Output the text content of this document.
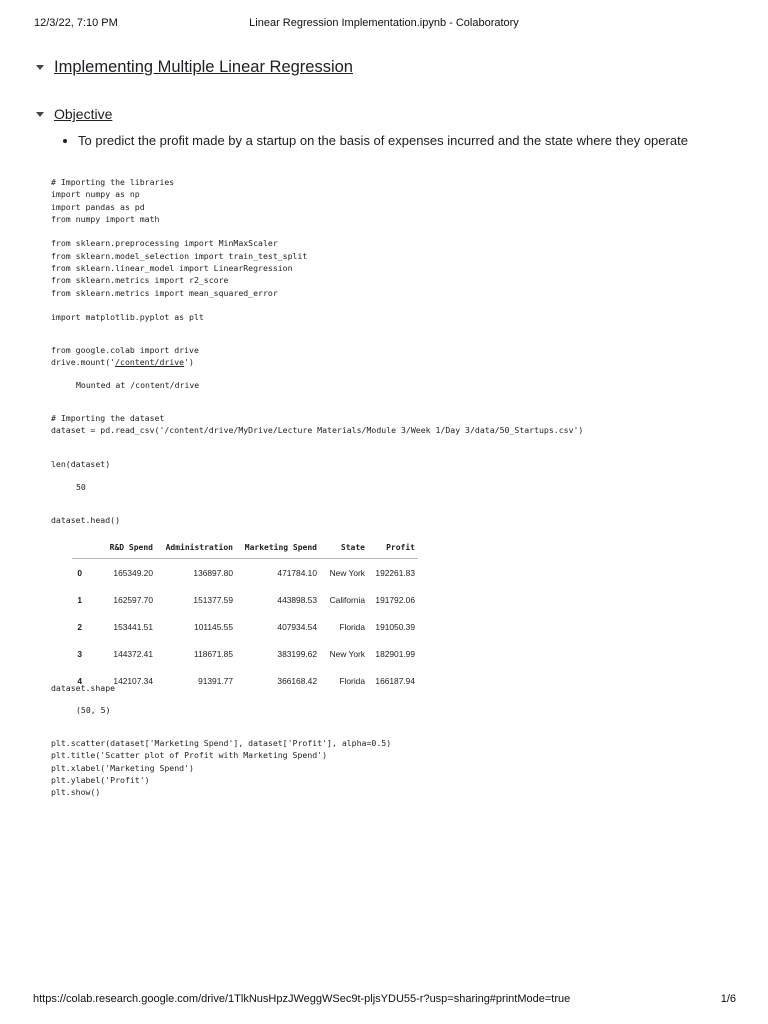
12/3/22, 7:10 PM	Linear Regression Implementation.ipynb - Colaboratory
Implementing Multiple Linear Regression
Objective
To predict the profit made by a startup on the basis of expenses incurred and the state where they operate
# Importing the libraries
import numpy as np
import pandas as pd
from numpy import math

from sklearn.preprocessing import MinMaxScaler
from sklearn.model_selection import train_test_split
from sklearn.linear_model import LinearRegression
from sklearn.metrics import r2_score
from sklearn.metrics import mean_squared_error

import matplotlib.pyplot as plt
from google.colab import drive
drive.mount('/content/drive')
Mounted at /content/drive
# Importing the dataset
dataset = pd.read_csv('/content/drive/MyDrive/Lecture Materials/Module 3/Week 1/Day 3/data/50_Startups.csv')
len(dataset)
50
dataset.head()
	R&D Spend	Administration	Marketing Spend	State	Profit
0	165349.20	136897.80	471784.10	New York	192261.83
1	162597.70	151377.59	443898.53	California	191792.06
2	153441.51	101145.55	407934.54	Florida	191050.39
3	144372.41	118671.85	383199.62	New York	182901.99
4	142107.34	91391.77	366168.42	Florida	166187.94
dataset.shape
(50, 5)
plt.scatter(dataset['Marketing Spend'], dataset['Profit'], alpha=0.5)
plt.title('Scatter plot of Profit with Marketing Spend')
plt.xlabel('Marketing Spend')
plt.ylabel('Profit')
plt.show()
https://colab.research.google.com/drive/1TlkNusHpzJWeggWSec9t-pljsYDU55-r?usp=sharing#printMode=true	1/6
